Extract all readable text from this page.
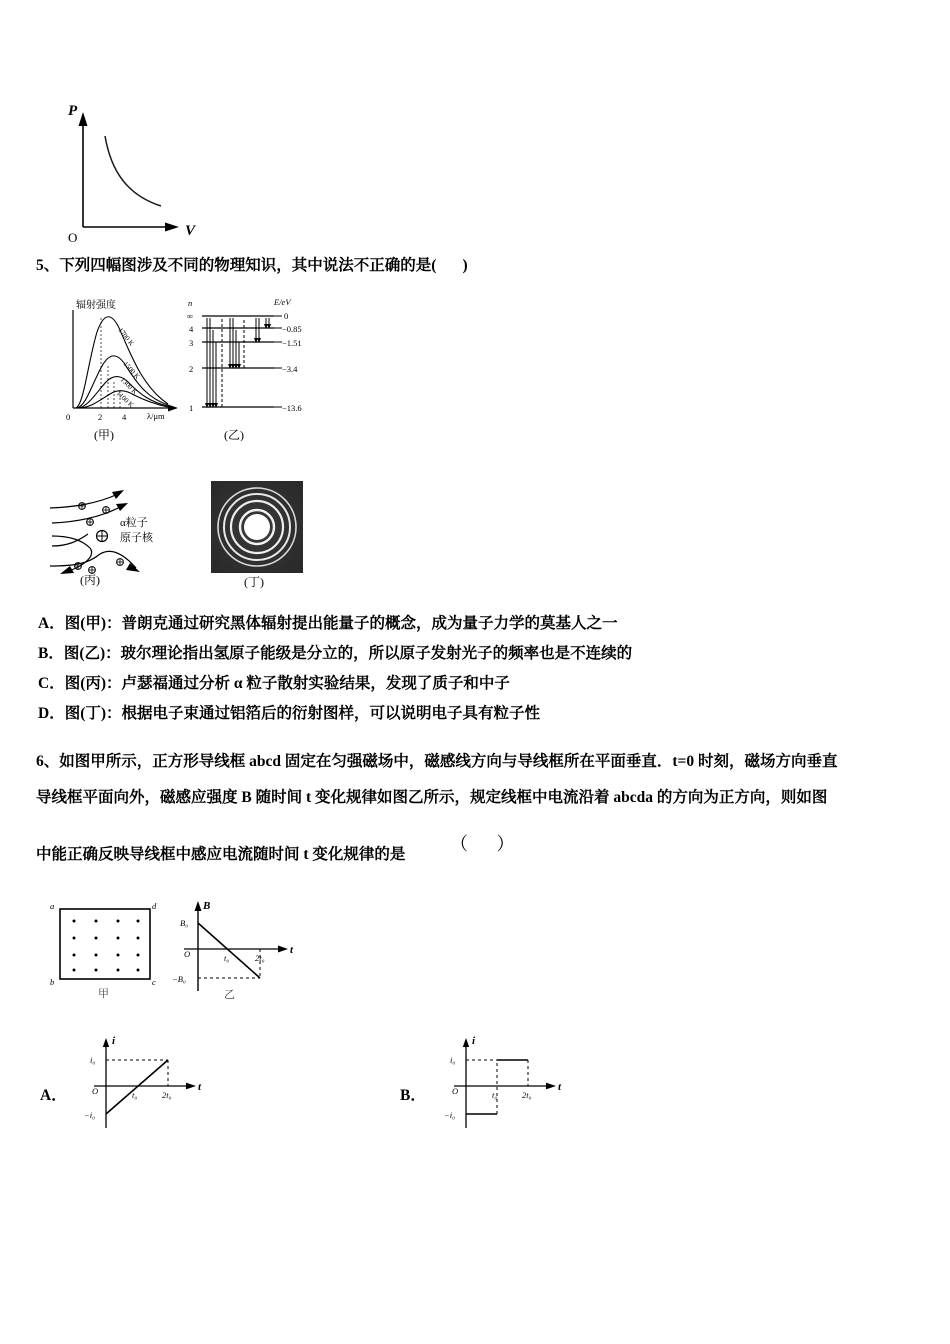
P
V
O
5、下列四幅图涉及不同的物理知识，其中说法不正确的是( )
1700 K
1500 K
1300 K
1100 K
辐射强度
0	2 4 λ/μm
(甲)
n
∞
4
3
2
1
E/eV
0
−0.85
−1.51
−3.4
−13.6
(乙)
α粒子
原子核
(丙)	(丁)
A．图(甲)：普朗克通过研究黑体辐射提出能量子的概念，成为量子力学的莫基人之一
B．图(乙)：玻尔理论指出氢原子能级是分立的，所以原子发射光子的频率也是不连续的
C．图(丙)：卢瑟福通过分析 α 粒子散射实验结果，发现了质子和中子
D．图(丁)：根据电子束通过铝箔后的衍射图样，可以说明电子具有粒子性
6、如图甲所示，正方形导线框 abcd 固定在匀强磁场中，磁感线方向与导线框所在平面垂直．t=0 时刻，磁场方向垂直
导线框平面向外，磁感应强度 B 随时间 t 变化规律如图乙所示，规定线框中电流沿着 abcda 的方向为正方向，则如图
中能正确反映导线框中感应电流随时间 t 变化规律的是
（ ）
a	d
b	c
甲
B
t
B₀
−B₀
O	t₀	2t₀
乙
A．
i
t
i₀
−i₀
O	t₀	2t₀	B．
i
t
i₀
−i₀
O	t₀	2t₀
